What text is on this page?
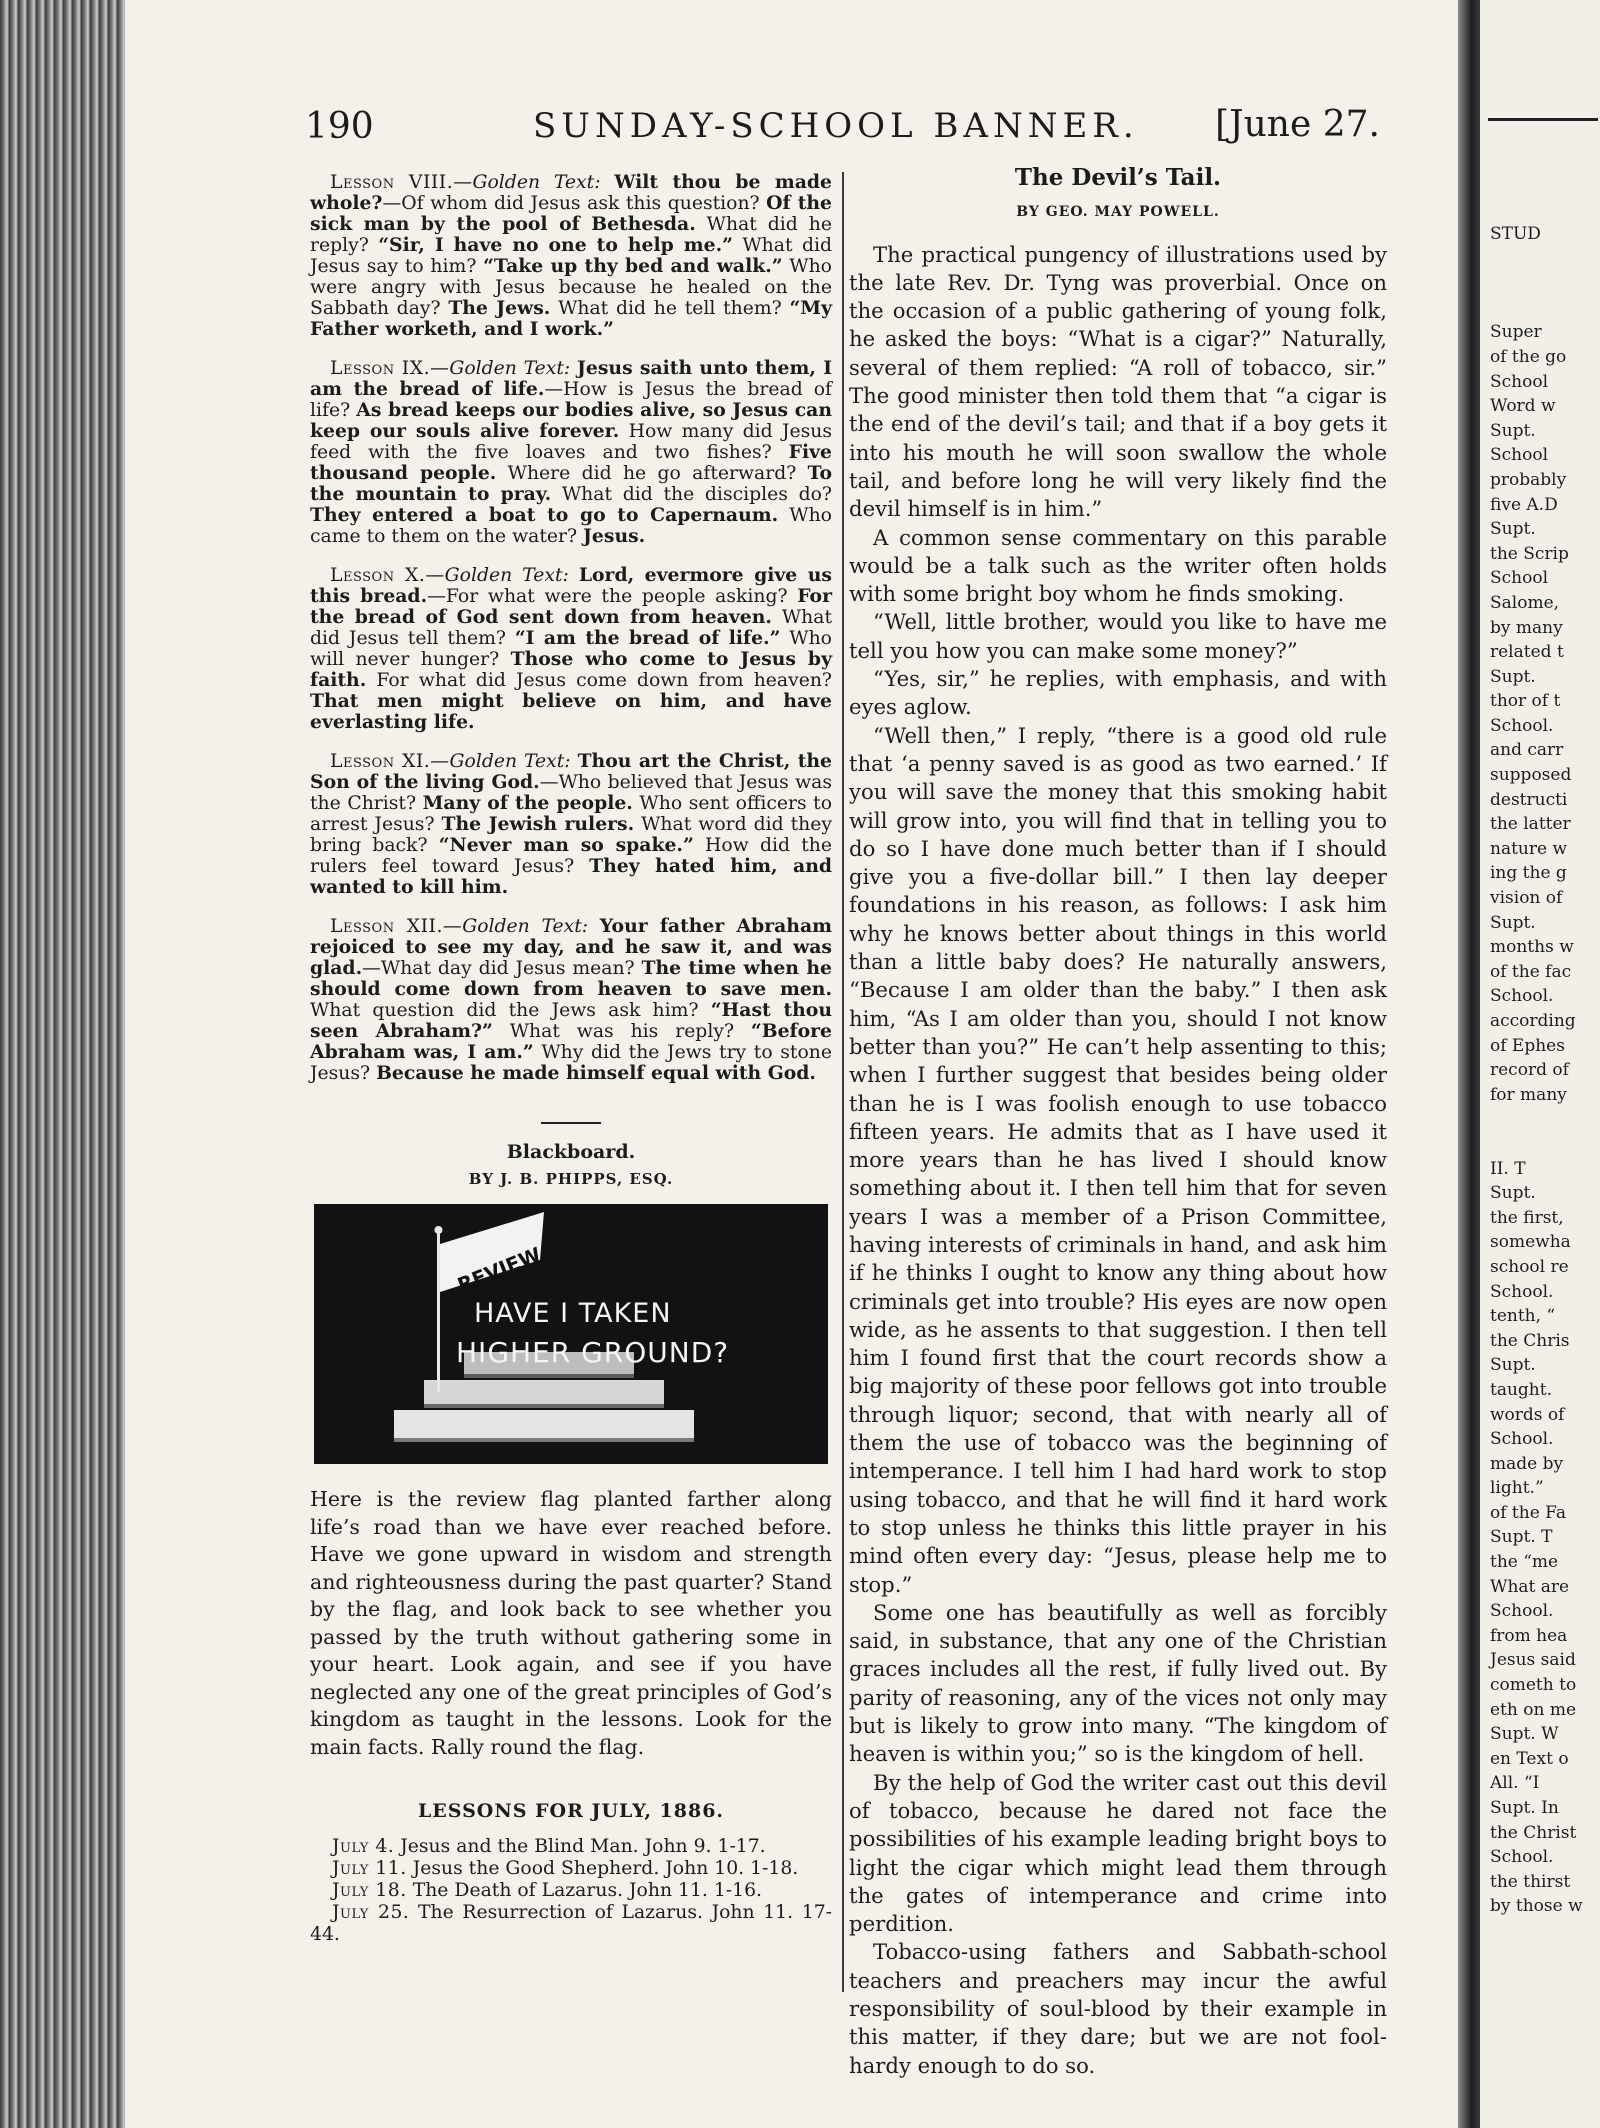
STUD
Super
of the go
School
Word w
Supt.
School
probably
five A.D
Supt.
the Scrip
School
Salome,
by many
related t
Supt.
thor of t
School.
and carr
supposed
destructi
the latter
nature w
ing the g
vision of
Supt.
months w
of the fac
School.
according
of Ephes
record of
for many
II. T
Supt.
the first,
somewha
school re
School.
tenth, “
the Chris
Supt.
taught.
words of
School.
made by
light.”
of the Fa
Supt. T
the “me
What are
School.
from hea
Jesus said
cometh to
eth on me
Supt. W
en Text o
All. “I
Supt. In
the Christ
School.
the thirst
by those w
190	SUNDAY-SCHOOL BANNER. [June 27.

Lesson VIII.—Golden Text: Wilt thou be made whole?—Of whom did Jesus ask this question? Of the sick man by the pool of Bethesda. What did he reply? “Sir, I have no one to help me.” What did Jesus say to him? “Take up thy bed and walk.” Who were angry with Jesus because he healed on the Sabbath day? The Jews. What did he tell them? “My Father worketh, and I work.”

Lesson IX.—Golden Text: Jesus saith unto them, I am the bread of life.—How is Jesus the bread of life? As bread keeps our bodies alive, so Jesus can keep our souls alive forever. How many did Jesus feed with the five loaves and two fishes? Five thousand people. Where did he go afterward? To the mountain to pray. What did the disciples do? They entered a boat to go to Capernaum. Who came to them on the water? Jesus.

Lesson X.—Golden Text: Lord, evermore give us this bread.—For what were the people asking? For the bread of God sent down from heaven. What did Jesus tell them? “I am the bread of life.” Who will never hunger? Those who come to Jesus by faith. For what did Jesus come down from heaven? That men might believe on him, and have everlasting life.

Lesson XI.—Golden Text: Thou art the Christ, the Son of the living God.—Who believed that Jesus was the Christ? Many of the people. Who sent officers to arrest Jesus? The Jewish rulers. What word did they bring back? “Never man so spake.” How did the rulers feel toward Jesus? They hated him, and wanted to kill him.

Lesson XII.—Golden Text: Your father Abraham rejoiced to see my day, and he saw it, and was glad.—What day did Jesus mean? The time when he should come down from heaven to save men. What question did the Jews ask him? “Hast thou seen Abraham?” What was his reply? “Before Abraham was, I am.” Why did the Jews try to stone Jesus? Because he made himself equal with God.

Blackboard.
BY J. B. PHIPPS, ESQ.
REVIEW
HAVE I TAKEN
HIGHER GROUND?

Here is the review flag planted farther along life’s road than we have ever reached before. Have we gone upward in wisdom and strength and righteousness during the past quarter? Stand by the flag, and look back to see whether you passed by the truth without gathering some in your heart. Look again, and see if you have neglected any one of the great principles of God’s kingdom as taught in the lessons. Look for the main facts. Rally round the flag.

LESSONS FOR JULY, 1886.
July 4. Jesus and the Blind Man. John 9. 1-17.
July 11. Jesus the Good Shepherd. John 10. 1-18.
July 18. The Death of Lazarus. John 11. 1-16.
July 25. The Resurrection of Lazarus. John 11. 17-44.
The Devil’s Tail.
BY GEO. MAY POWELL.

The practical pungency of illustrations used by the late Rev. Dr. Tyng was proverbial. Once on the occasion of a public gathering of young folk, he asked the boys: “What is a cigar?” Naturally, several of them replied: “A roll of tobacco, sir.” The good minister then told them that “a cigar is the end of the devil’s tail; and that if a boy gets it into his mouth he will soon swallow the whole tail, and before long he will very likely find the devil himself is in him.”

A common sense commentary on this parable would be a talk such as the writer often holds with some bright boy whom he finds smoking.

“Well, little brother, would you like to have me tell you how you can make some money?”

“Yes, sir,” he replies, with emphasis, and with eyes aglow.

“Well then,” I reply, “there is a good old rule that ‘a penny saved is as good as two earned.’ If you will save the money that this smoking habit will grow into, you will find that in telling you to do so I have done much better than if I should give you a five-dollar bill.” I then lay deeper foundations in his reason, as follows: I ask him why he knows better about things in this world than a little baby does? He naturally answers, “Because I am older than the baby.” I then ask him, “As I am older than you, should I not know better than you?” He can’t help assenting to this; when I further suggest that besides being older than he is I was foolish enough to use tobacco fifteen years. He admits that as I have used it more years than he has lived I should know something about it. I then tell him that for seven years I was a member of a Prison Committee, having interests of criminals in hand, and ask him if he thinks I ought to know any thing about how criminals get into trouble? His eyes are now open wide, as he assents to that suggestion. I then tell him I found first that the court records show a big majority of these poor fellows got into trouble through liquor; second, that with nearly all of them the use of tobacco was the beginning of intemperance. I tell him I had hard work to stop using tobacco, and that he will find it hard work to stop unless he thinks this little prayer in his mind often every day: “Jesus, please help me to stop.”

Some one has beautifully as well as forcibly said, in substance, that any one of the Christian graces includes all the rest, if fully lived out. By parity of reasoning, any of the vices not only may but is likely to grow into many. “The kingdom of heaven is within you;” so is the kingdom of hell.

By the help of God the writer cast out this devil of tobacco, because he dared not face the possibilities of his example leading bright boys to light the cigar which might lead them through the gates of intemperance and crime into perdition.

Tobacco-using fathers and Sabbath-school teachers and preachers may incur the awful responsibility of soul-blood by their example in this matter, if they dare; but we are not fool-hardy enough to do so.
